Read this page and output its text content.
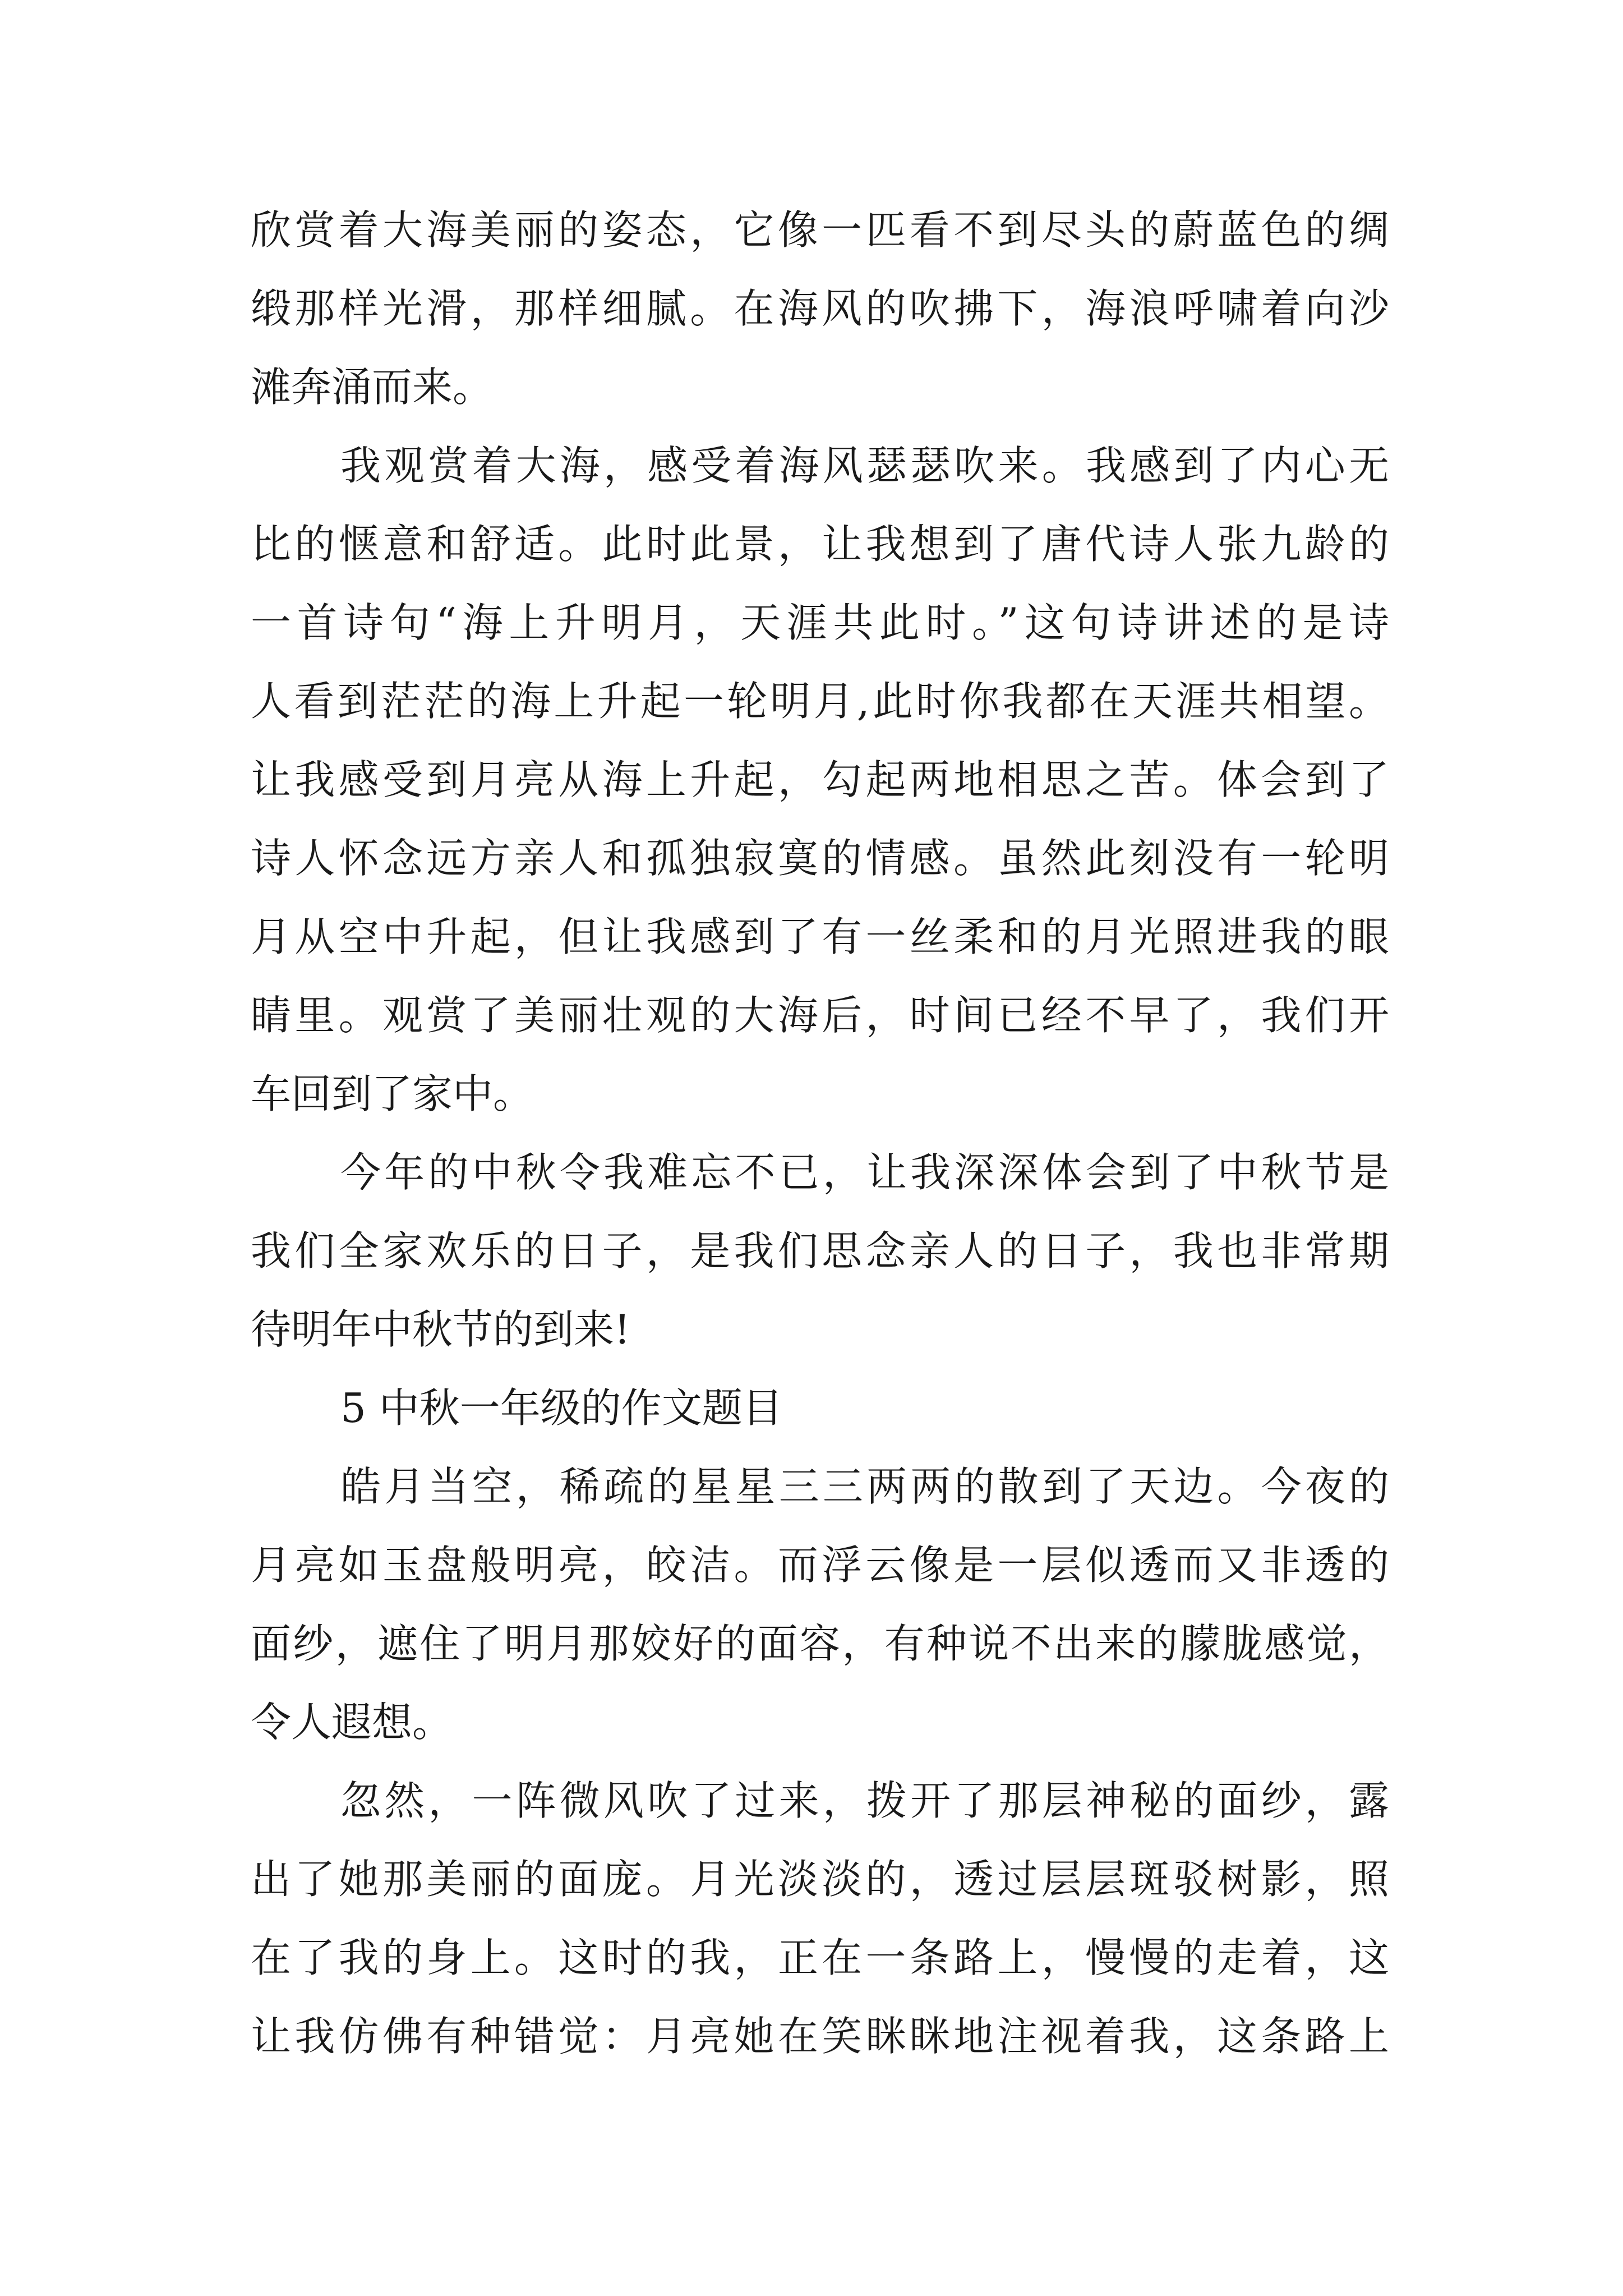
欣赏着大海美丽的姿态，它像一匹看不到尽头的蔚蓝色的绸
缎那样光滑，那样细腻。在海风的吹拂下，海浪呼啸着向沙
滩奔涌而来。
我观赏着大海，感受着海风瑟瑟吹来。我感到了内心无
比的惬意和舒适。此时此景，让我想到了唐代诗人张九龄的
一首诗句“海上升明月，天涯共此时。”这句诗讲述的是诗
人看到茫茫的海上升起一轮明月,此时你我都在天涯共相望。
让我感受到月亮从海上升起，勾起两地相思之苦。体会到了
诗人怀念远方亲人和孤独寂寞的情感。虽然此刻没有一轮明
月从空中升起，但让我感到了有一丝柔和的月光照进我的眼
睛里。观赏了美丽壮观的大海后，时间已经不早了，我们开
车回到了家中。
今年的中秋令我难忘不已，让我深深体会到了中秋节是
我们全家欢乐的日子，是我们思念亲人的日子，我也非常期
待明年中秋节的到来!
5 中秋一年级的作文题目
皓月当空，稀疏的星星三三两两的散到了天边。今夜的
月亮如玉盘般明亮，皎洁。而浮云像是一层似透而又非透的
面纱，遮住了明月那姣好的面容，有种说不出来的朦胧感觉，
令人遐想。
忽然，一阵微风吹了过来，拨开了那层神秘的面纱，露
出了她那美丽的面庞。月光淡淡的，透过层层斑驳树影，照
在了我的身上。这时的我，正在一条路上，慢慢的走着，这
让我仿佛有种错觉：月亮她在笑眯眯地注视着我，这条路上
